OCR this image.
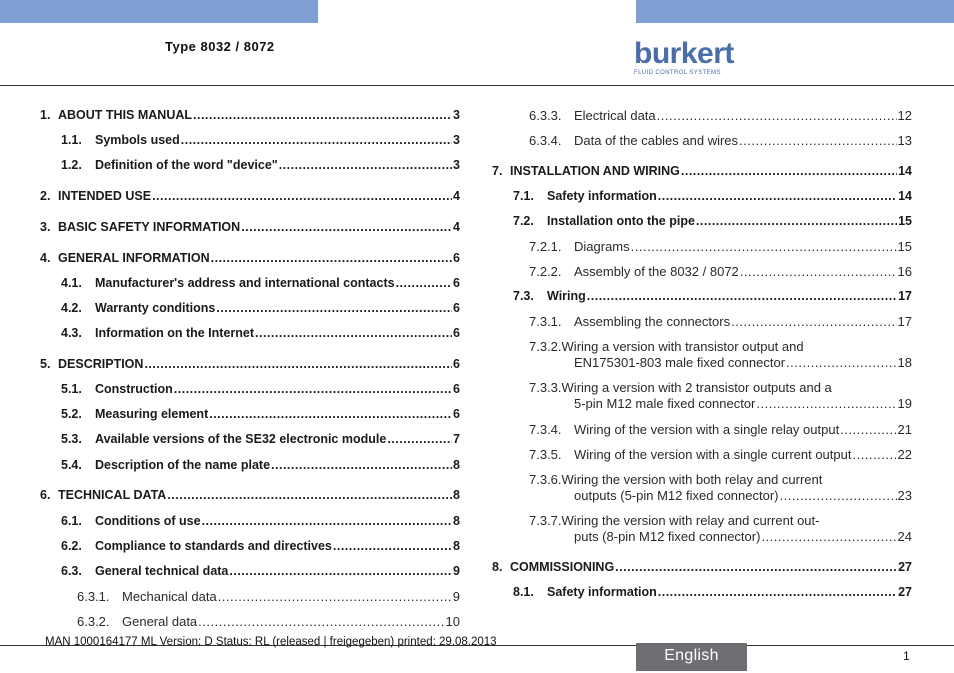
Type 8032 / 8072	burkert
FLUID CONTROL SYSTEMS
1. ABOUT THIS MANUAL .....	3
1.1.	Symbols used .....	3
1.2.	Definition of the word "device" .....	3
2. INTENDED USE .....	4
3. BASIC SAFETY INFORMATION .....	4
4. GENERAL INFORMATION .....	6
4.1.	Manufacturer's address and international contacts .....	6
4.2.	Warranty conditions .....	6
4.3.	Information on the Internet .....	6
5. DESCRIPTION .....	6
5.1.	Construction .....	6
5.2.	Measuring element .....	6
5.3.	Available versions of the SE32 electronic module .....	7
5.4.	Description of the name plate .....	8
6. TECHNICAL DATA .....	8
6.1.	Conditions of use .....	8
6.2.	Compliance to standards and directives .....	8
6.3.	General technical data .....	9
6.3.1. Mechanical data .....	9
6.3.2. General data .....	10
6.3.3. Electrical data .....	12
6.3.4. Data of the cables and wires .....	13
7. INSTALLATION AND WIRING .....	14
7.1.	Safety information .....	14
7.2.	Installation onto the pipe .....	15
7.2.1. Diagrams .....	15
7.2.2. Assembly of the 8032 / 8072 .....	16
7.3.	Wiring .....	17
7.3.1. Assembling the connectors .....	17
7.3.2.Wiring a version with transistor output and
EN175301-803 male fixed connector .....	18
7.3.3.Wiring a version with 2 transistor outputs and a
5-pin M12 male fixed connector .....	19
7.3.4. Wiring of the version with a single relay output .....	21
7.3.5. Wiring of the version with a single current output .....	22
7.3.6.Wiring the version with both relay and current
outputs (5-pin M12 fixed connector) .....	23
7.3.7.Wiring the version with relay and current out-
puts (8-pin M12 fixed connector) .....	24
8. COMMISSIONING .....	27
8.1.	Safety information .....	27
MAN 1000164177 ML Version: D Status: RL (released | freigegeben) printed: 29.08.2013
English	1
